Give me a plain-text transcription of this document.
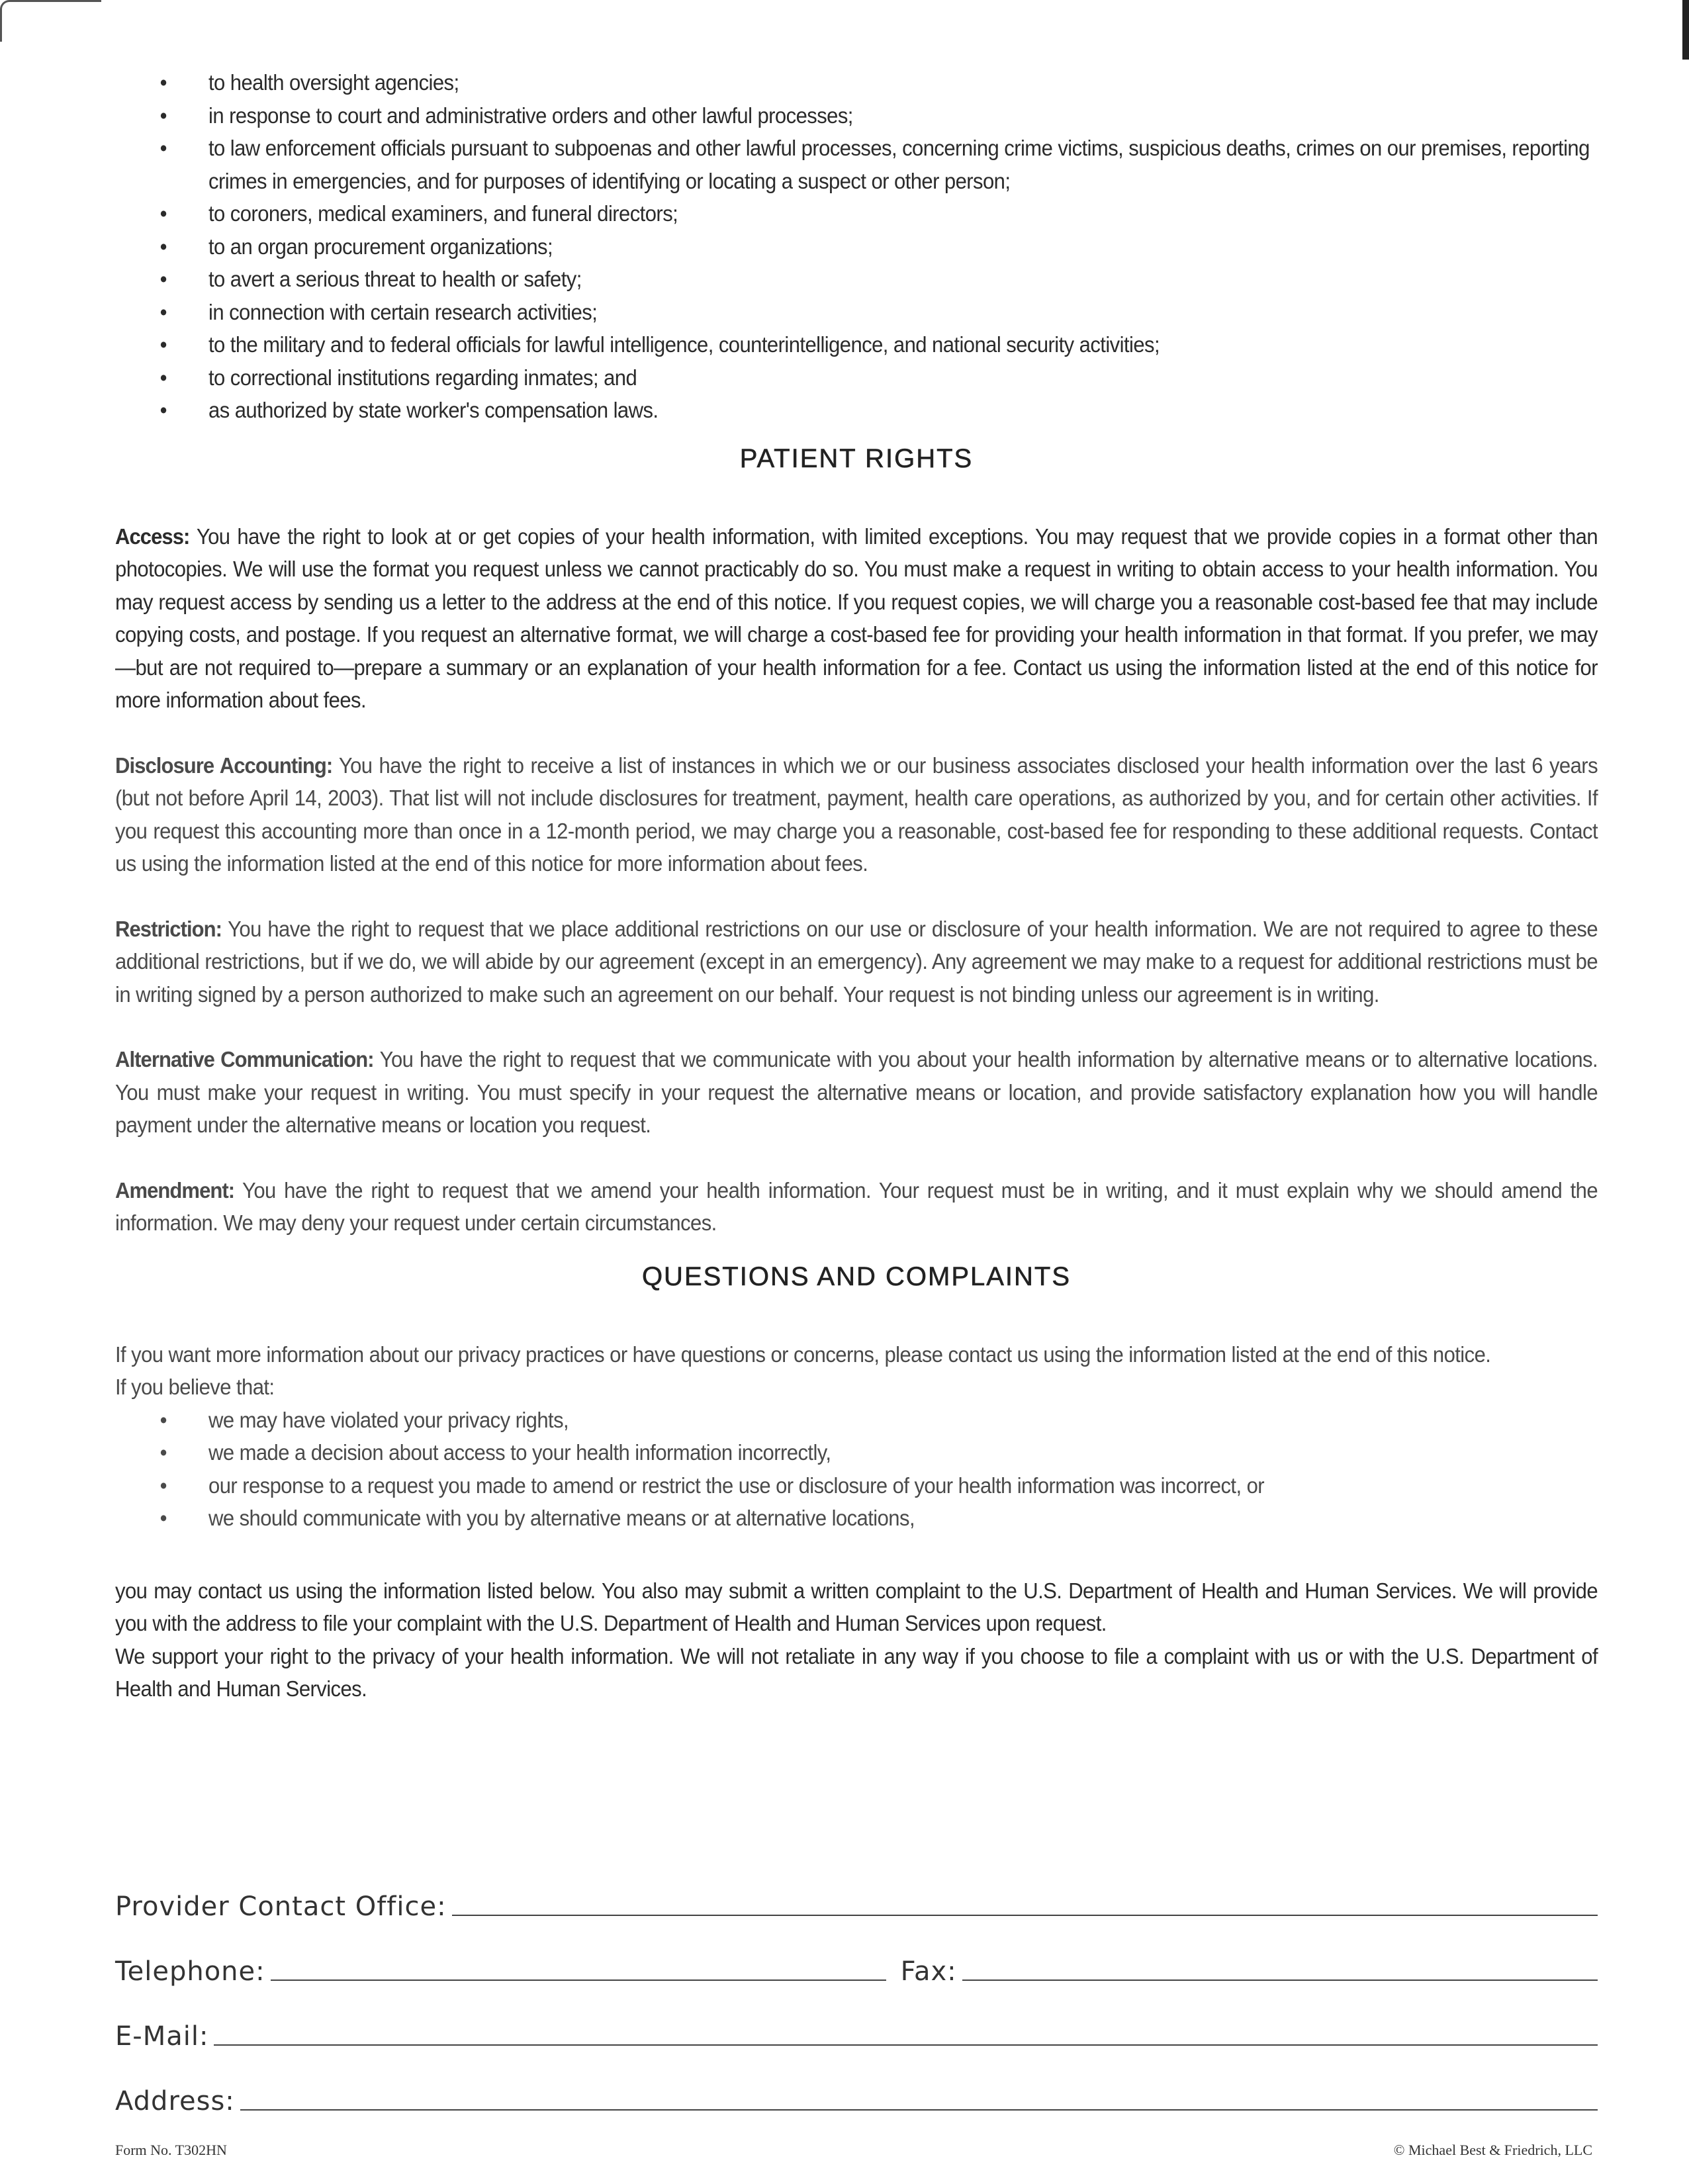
• to health oversight agencies;
• in response to court and administrative orders and other lawful processes;
• to law enforcement officials pursuant to subpoenas and other lawful processes, concerning crime victims, suspicious deaths, crimes on our premises, reporting crimes in emergencies, and for purposes of identifying or locating a suspect or other person;
• to coroners, medical examiners, and funeral directors;
• to an organ procurement organizations;
• to avert a serious threat to health or safety;
• in connection with certain research activities;
• to the military and to federal officials for lawful intelligence, counterintelligence, and national security activities;
• to correctional institutions regarding inmates; and
• as authorized by state worker's compensation laws.
PATIENT RIGHTS

Access: You have the right to look at or get copies of your health information, with limited exceptions. You may request that we provide copies in a format other than photocopies. We will use the format you request unless we cannot practicably do so. You must make a request in writing to obtain access to your health information. You may request access by sending us a letter to the address at the end of this notice. If you request copies, we will charge you a reasonable cost-based fee that may include copying costs, and postage. If you request an alternative format, we will charge a cost-based fee for providing your health information in that format. If you prefer, we may—but are not required to—prepare a summary or an explanation of your health information for a fee. Contact us using the information listed at the end of this notice for more information about fees.

Disclosure Accounting: You have the right to receive a list of instances in which we or our business associates disclosed your health information over the last 6 years (but not before April 14, 2003). That list will not include disclosures for treatment, payment, health care operations, as authorized by you, and for certain other activities. If you request this accounting more than once in a 12-month period, we may charge you a reasonable, cost-based fee for responding to these additional requests. Contact us using the information listed at the end of this notice for more information about fees.

Restriction: You have the right to request that we place additional restrictions on our use or disclosure of your health information. We are not required to agree to these additional restrictions, but if we do, we will abide by our agreement (except in an emergency). Any agreement we may make to a request for additional restrictions must be in writing signed by a person authorized to make such an agreement on our behalf. Your request is not binding unless our agreement is in writing.

Alternative Communication: You have the right to request that we communicate with you about your health information by alternative means or to alternative locations. You must make your request in writing. You must specify in your request the alternative means or location, and provide satisfactory explanation how you will handle payment under the alternative means or location you request.

Amendment: You have the right to request that we amend your health information. Your request must be in writing, and it must explain why we should amend the information. We may deny your request under certain circumstances.

QUESTIONS AND COMPLAINTS

If you want more information about our privacy practices or have questions or concerns, please contact us using the information listed at the end of this notice.

If you believe that:

• we may have violated your privacy rights,
• we made a decision about access to your health information incorrectly,
• our response to a request you made to amend or restrict the use or disclosure of your health information was incorrect, or
• we should communicate with you by alternative means or at alternative locations,

you may contact us using the information listed below. You also may submit a written complaint to the U.S. Department of Health and Human Services. We will provide you with the address to file your complaint with the U.S. Department of Health and Human Services upon request.

We support your right to the privacy of your health information. We will not retaliate in any way if you choose to file a complaint with us or with the U.S. Department of Health and Human Services.

Provider Contact Office:
Telephone:	Fax:
E-Mail:
Address:
Form No. T302HN	© Michael Best & Friedrich, LLC
